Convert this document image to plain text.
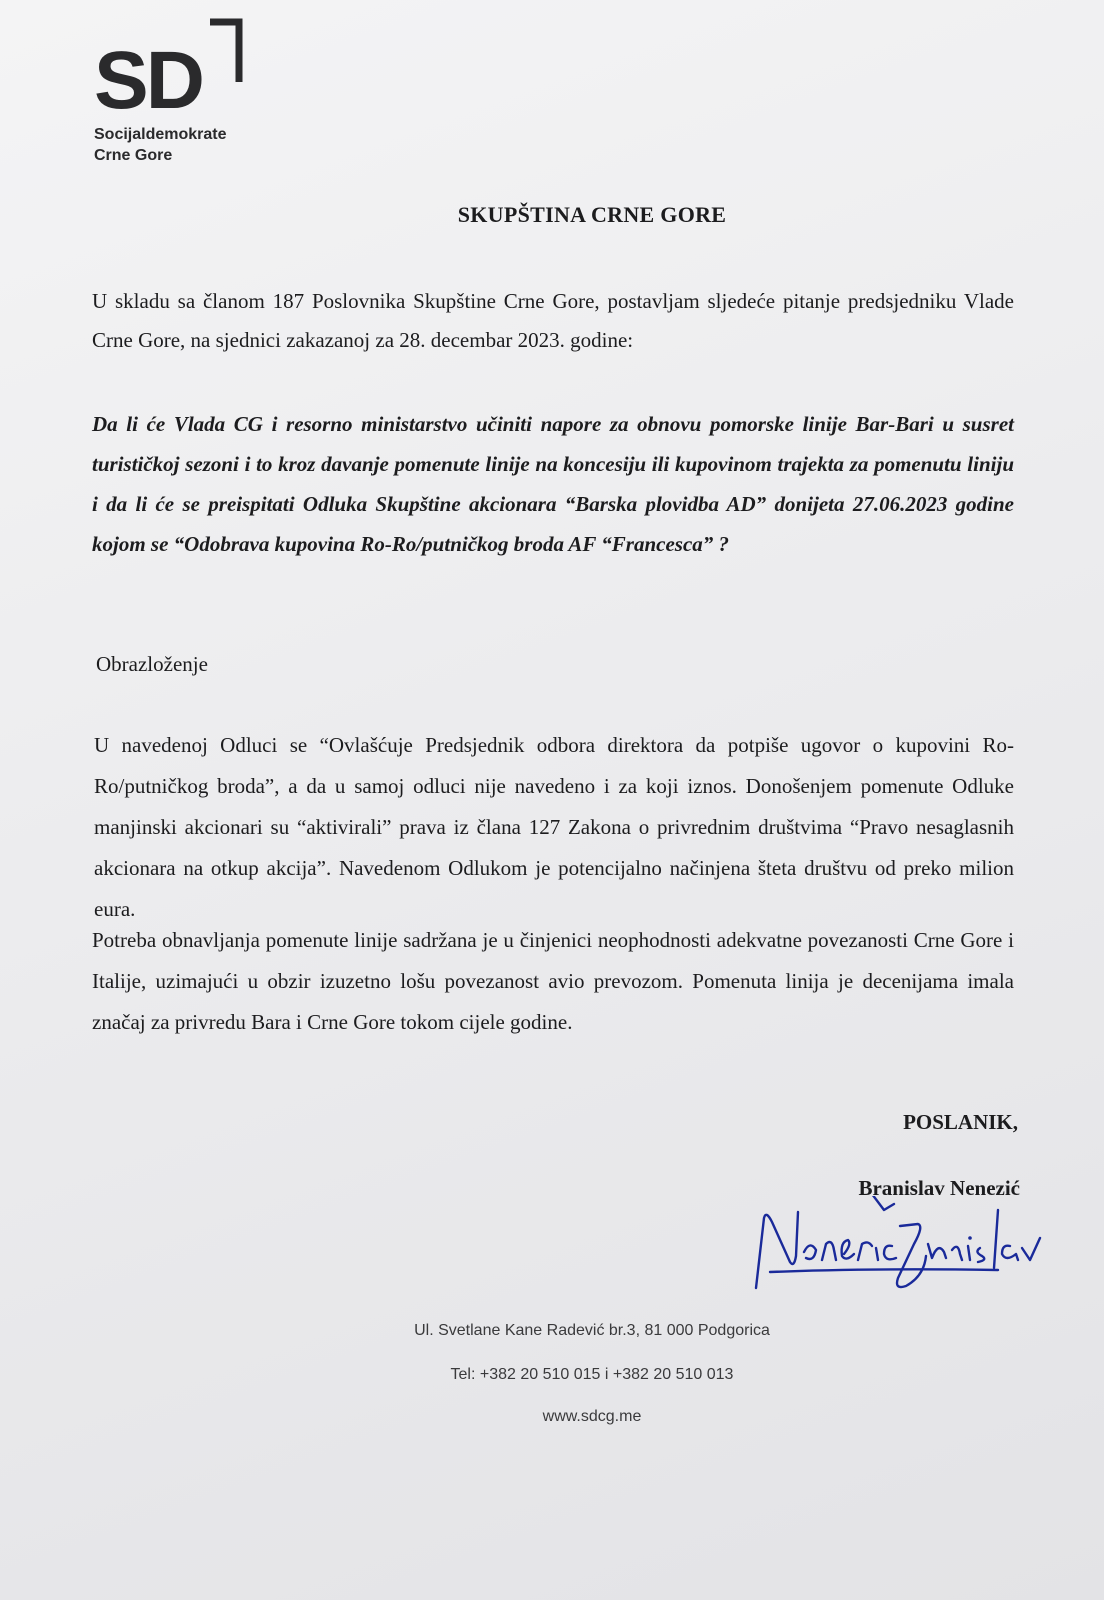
SD
Socijaldemokrate
Crne Gore
SKUPŠTINA CRNE GORE
U skladu sa članom 187 Poslovnika Skupštine Crne Gore, postavljam sljedeće pitanje predsjedniku Vlade Crne Gore, na sjednici zakazanoj za 28. decembar 2023. godine:
Da li će Vlada CG i resorno ministarstvo učiniti napore za obnovu pomorske linije Bar-Bari u susret turističkoj sezoni i to kroz davanje pomenute linije na koncesiju ili kupovinom trajekta za pomenutu liniju i da li će se preispitati Odluka Skupštine akcionara “Barska plovidba AD” donijeta 27.06.2023 godine kojom se “Odobrava kupovina Ro-Ro/putničkog broda AF “Francesca” ?
Obrazloženje
U navedenoj Odluci se “Ovlašćuje Predsjednik odbora direktora da potpiše ugovor o kupovini Ro-Ro/putničkog broda”, a da u samoj odluci nije navedeno i za koji iznos. Donošenjem pomenute Odluke manjinski akcionari su “aktivirali” prava iz člana 127 Zakona o privrednim društvima “Pravo nesaglasnih akcionara na otkup akcija”. Navedenom Odlukom je potencijalno načinjena šteta društvu od preko milion eura.
Potreba obnavljanja pomenute linije sadržana je u činjenici neophodnosti adekvatne povezanosti Crne Gore i Italije, uzimajući u obzir izuzetno lošu povezanost avio prevozom. Pomenuta linija je decenijama imala značaj za privredu Bara i Crne Gore tokom cijele godine.
POSLANIK,
Branislav Nenezić
Ul. Svetlane Kane Radević br.3, 81 000 Podgorica
Tel: +382 20 510 015 i +382 20 510 013
www.sdcg.me
